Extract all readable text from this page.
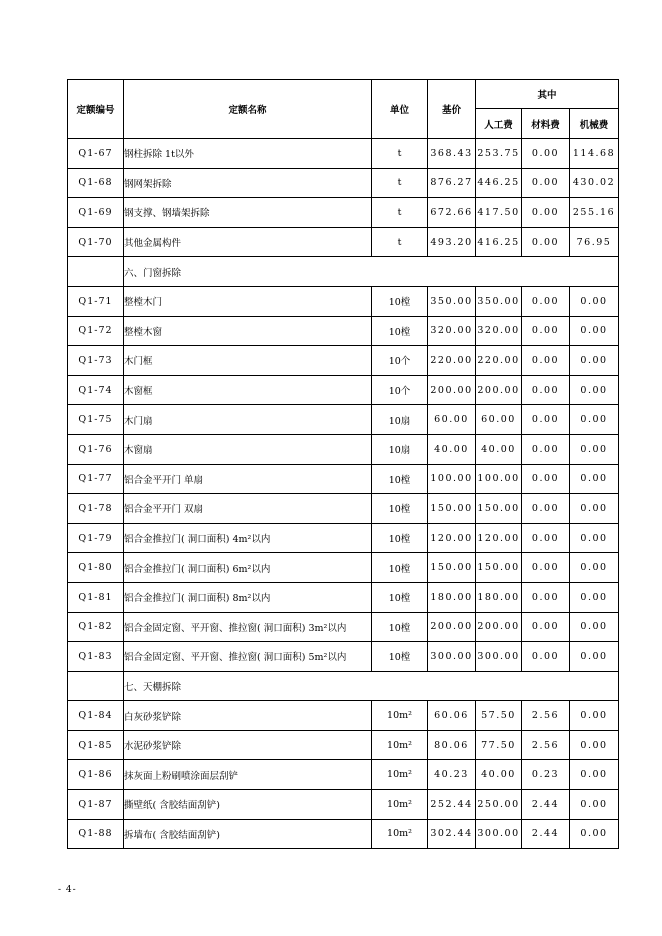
定额编号	定额名称	单位	基价	其中		
				人工费	材料费	机械费
Q1-67	钢柱拆除 1t以外	t	368.43	253.75	0.00	114.68
Q1-68	钢网架拆除	t	876.27	446.25	0.00	430.02
Q1-69	钢支撑、钢墙架拆除	t	672.66	417.50	0.00	255.16
Q1-70	其他金属构件	t	493.20	416.25	0.00	76.95
	六、门窗拆除					
Q1-71	整樘木门	10樘	350.00	350.00	0.00	0.00
Q1-72	整樘木窗	10樘	320.00	320.00	0.00	0.00
Q1-73	木门框	10个	220.00	220.00	0.00	0.00
Q1-74	木窗框	10个	200.00	200.00	0.00	0.00
Q1-75	木门扇	10扇	60.00	60.00	0.00	0.00
Q1-76	木窗扇	10扇	40.00	40.00	0.00	0.00
Q1-77	铝合金平开门 单扇	10樘	100.00	100.00	0.00	0.00
Q1-78	铝合金平开门 双扇	10樘	150.00	150.00	0.00	0.00
Q1-79	铝合金推拉门( 洞口面积) 4m²以内	10樘	120.00	120.00	0.00	0.00
Q1-80	铝合金推拉门( 洞口面积) 6m²以内	10樘	150.00	150.00	0.00	0.00
Q1-81	铝合金推拉门( 洞口面积) 8m²以内	10樘	180.00	180.00	0.00	0.00
Q1-82	铝合金固定窗、平开窗、推拉窗( 洞口面积) 3m²以内	10樘	200.00	200.00	0.00	0.00
Q1-83	铝合金固定窗、平开窗、推拉窗( 洞口面积) 5m²以内	10樘	300.00	300.00	0.00	0.00
	七、天棚拆除					
Q1-84	白灰砂浆铲除	10m²	60.06	57.50	2.56	0.00
Q1-85	水泥砂浆铲除	10m²	80.06	77.50	2.56	0.00
Q1-86	抹灰面上粉刷喷涂面层刮铲	10m²	40.23	40.00	0.23	0.00
Q1-87	撕壁纸( 含胶结面刮铲)	10m²	252.44	250.00	2.44	0.00
Q1-88	拆墙布( 含胶结面刮铲)	10m²	302.44	300.00	2.44	0.00
- 4-
